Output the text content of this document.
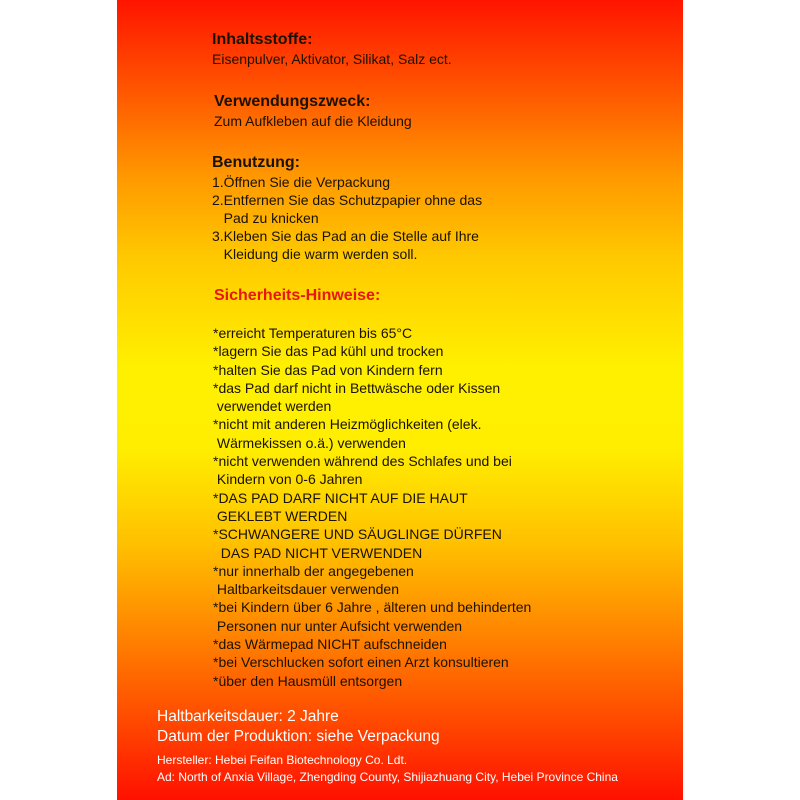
Inhaltsstoffe:
Eisenpulver, Aktivator, Silikat, Salz ect.
Verwendungszweck:
Zum Aufkleben auf die Kleidung
Benutzung:
1.Öffnen Sie die Verpackung
2.Entfernen Sie das Schutzpapier ohne das
Pad zu knicken
3.Kleben Sie das Pad an die Stelle auf Ihre
Kleidung die warm werden soll.
Sicherheits-Hinweise:
*erreicht Temperaturen bis 65°C
*lagern Sie das Pad kühl und trocken
*halten Sie das Pad von Kindern fern
*das Pad darf nicht in Bettwäsche oder Kissen
verwendet werden
*nicht mit anderen Heizmöglichkeiten (elek.
Wärmekissen o.ä.) verwenden
*nicht verwenden während des Schlafes und bei
Kindern von 0-6 Jahren
*DAS PAD DARF NICHT AUF DIE HAUT
GEKLEBT WERDEN
*SCHWANGERE UND SÄUGLINGE DÜRFEN
DAS PAD NICHT VERWENDEN
*nur innerhalb der angegebenen
Haltbarkeitsdauer verwenden
*bei Kindern über 6 Jahre , älteren und behinderten
Personen nur unter Aufsicht verwenden
*das Wärmepad NICHT aufschneiden
*bei Verschlucken sofort einen Arzt konsultieren
*über den Hausmüll entsorgen
Haltbarkeitsdauer: 2 Jahre
Datum der Produktion: siehe Verpackung
Hersteller: Hebei Feifan Biotechnology Co. Ldt.
Ad: North of Anxia Village, Zhengding County, Shijiazhuang City, Hebei Province China
